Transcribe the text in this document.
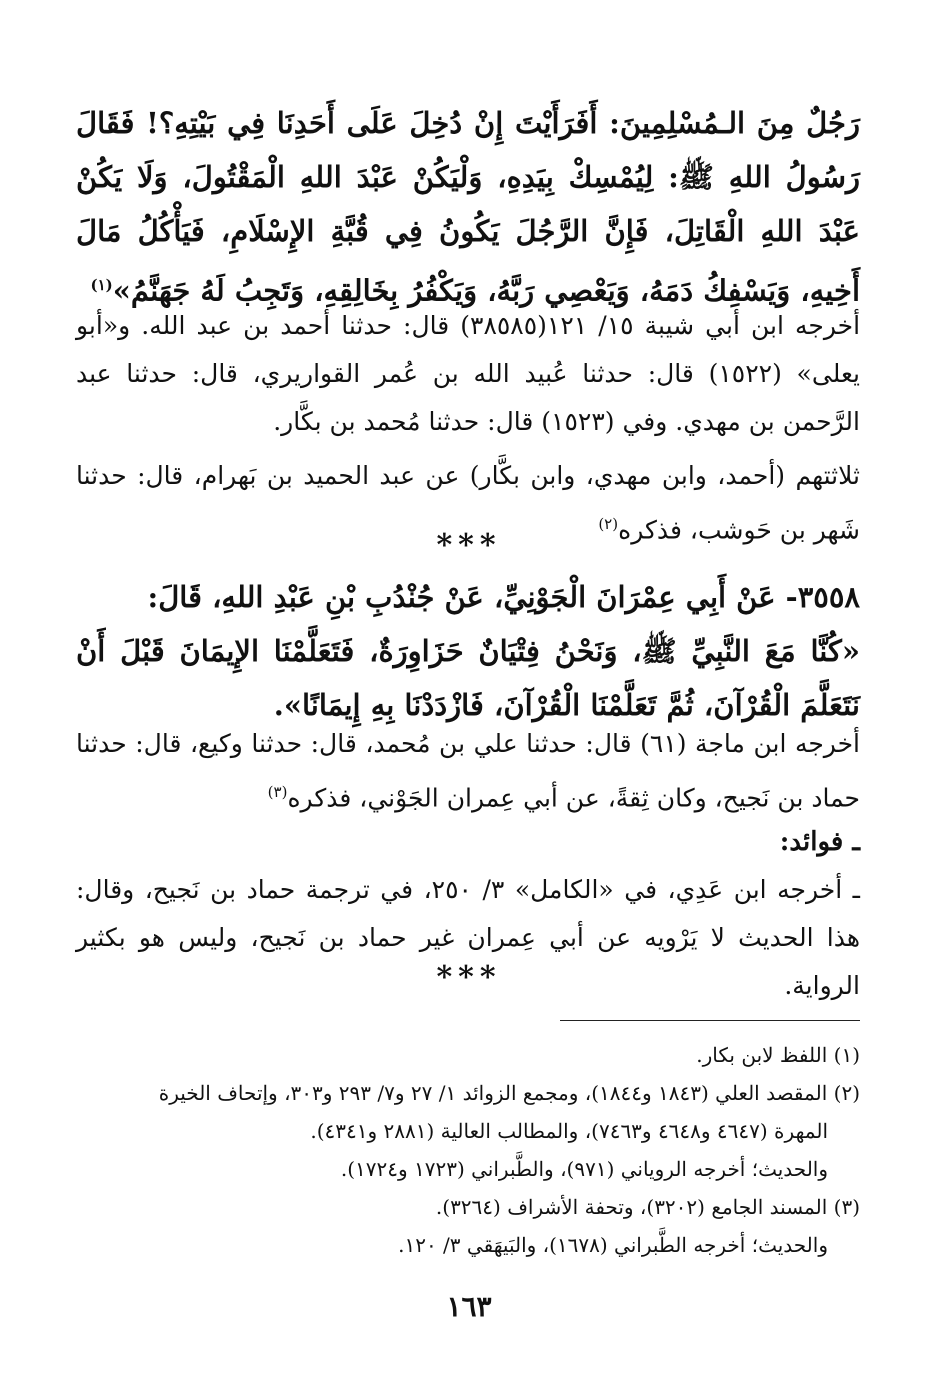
رَجُلٌ مِنَ الـمُسْلِمِينَ: أَفَرَأَيْتَ إِنْ دُخِلَ عَلَى أَحَدِنَا فِي بَيْتِهِ؟! فَقَالَ رَسُولُ اللهِ ﷺ: لِيُمْسِكْ بِيَدِهِ، وَلْيَكُنْ عَبْدَ اللهِ الْمَقْتُولَ، وَلَا يَكُنْ عَبْدَ اللهِ الْقَاتِلَ، فَإِنَّ الرَّجُلَ يَكُونُ فِي قُبَّةِ الإِسْلَامِ، فَيَأْكُلُ مَالَ أَخِيهِ، وَيَسْفِكُ دَمَهُ، وَيَعْصِي رَبَّهُ، وَيَكْفُرُ بِخَالِقِهِ، وَتَجِبُ لَهُ جَهَنَّمُ»$^{(١)}$

أخرجه ابن أبي شيبة ١٥/ ١٢١(٣٨٥٨٥) قال: حدثنا أحمد بن عبد الله. و«أبو يعلى» (١٥٢٢) قال: حدثنا عُبيد الله بن عُمر القواريري، قال: حدثنا عبد الرَّحمن بن مهدي. وفي (١٥٢٣) قال: حدثنا مُحمد بن بكَّار.

ثلاثتهم (أحمد، وابن مهدي، وابن بكَّار) عن عبد الحميد بن بَهرام، قال: حدثنا شَهر بن حَوشب، فذكره$^{(٢)}$

***

٣٥٥٨- عَنْ أَبِي عِمْرَانَ الْجَوْنِيِّ، عَنْ جُنْدُبِ بْنِ عَبْدِ اللهِ، قَالَ:

«كُنَّا مَعَ النَّبِيِّ ﷺ، وَنَحْنُ فِتْيَانٌ حَزَاوِرَةٌ، فَتَعَلَّمْنَا الإِيمَانَ قَبْلَ أَنْ نَتَعَلَّمَ الْقُرْآنَ، ثُمَّ تَعَلَّمْنَا الْقُرْآنَ، فَازْدَدْنَا بِهِ إِيمَانًا».

أخرجه ابن ماجة (٦١) قال: حدثنا علي بن مُحمد، قال: حدثنا وكيع، قال: حدثنا حماد بن نَجيح، وكان ثِقةً، عن أبي عِمران الجَوْني، فذكره$^{(٣)}$

ـ فوائد:

ـ أخرجه ابن عَدِي، في «الكامل» ٣/ ٢٥٠، في ترجمة حماد بن نَجيح، وقال: هذا الحديث لا يَرْويه عن أبي عِمران غير حماد بن نَجيح، وليس هو بكثير الرواية.

***
(١) اللفظ لابن بكار.
(٢) المقصد العلي (١٨٤٣ و١٨٤٤)، ومجمع الزوائد ١/ ٢٧ و٧/ ٢٩٣ و٣٠٣، وإتحاف الخيرة
المهرة (٤٦٤٧ و٤٦٤٨ و٧٤٦٣)، والمطالب العالية (٢٨٨١ و٤٣٤١).
والحديث؛ أخرجه الروياني (٩٧١)، والطَّبراني (١٧٢٣ و١٧٢٤).
(٣) المسند الجامع (٣٢٠٢)، وتحفة الأشراف (٣٢٦٤).
والحديث؛ أخرجه الطَّبراني (١٦٧٨)، والبَيهَقي ٣/ ١٢٠.
١٦٣
